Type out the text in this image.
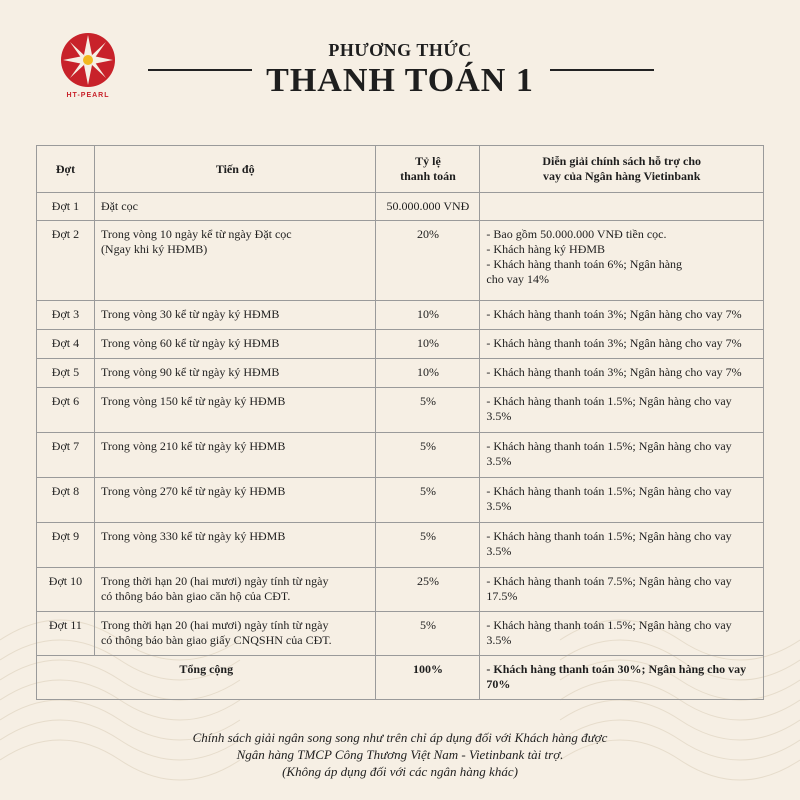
HT-PEARL
PHƯƠNG THỨC
THANH TOÁN 1
Đợt	Tiến độ	Tỷ lệ
thanh toán	Diễn giải chính sách hỗ trợ cho
vay của Ngân hàng Vietinbank
Đợt 1	Đặt cọc	50.000.000 VNĐ	
Đợt 2	Trong vòng 10 ngày kể từ ngày Đặt cọc
(Ngay khi ký HĐMB)	20%	- Bao gồm 50.000.000 VNĐ tiền cọc.
- Khách hàng ký HĐMB
- Khách hàng thanh toán 6%; Ngân hàng
cho vay 14%
Đợt 3	Trong vòng 30 kể từ ngày ký HĐMB	10%	- Khách hàng thanh toán 3%; Ngân hàng cho vay 7%
Đợt 4	Trong vòng 60 kể từ ngày ký HĐMB	10%	- Khách hàng thanh toán 3%; Ngân hàng cho vay 7%
Đợt 5	Trong vòng 90 kể từ ngày ký HĐMB	10%	- Khách hàng thanh toán 3%; Ngân hàng cho vay 7%
Đợt 6	Trong vòng 150 kể từ ngày ký HĐMB	5%	- Khách hàng thanh toán 1.5%; Ngân hàng cho vay
3.5%
Đợt 7	Trong vòng 210 kể từ ngày ký HĐMB	5%	- Khách hàng thanh toán 1.5%; Ngân hàng cho vay
3.5%
Đợt 8	Trong vòng 270 kể từ ngày ký HĐMB	5%	- Khách hàng thanh toán 1.5%; Ngân hàng cho vay
3.5%
Đợt 9	Trong vòng 330 kể từ ngày ký HĐMB	5%	- Khách hàng thanh toán 1.5%; Ngân hàng cho vay
3.5%
Đợt 10	Trong thời hạn 20 (hai mươi) ngày tính từ ngày
có thông báo bàn giao căn hộ của CĐT.	25%	- Khách hàng thanh toán 7.5%; Ngân hàng cho vay
17.5%
Đợt 11	Trong thời hạn 20 (hai mươi) ngày tính từ ngày
có thông báo bàn giao giấy CNQSHN của CĐT.	5%	- Khách hàng thanh toán 1.5%; Ngân hàng cho vay
3.5%
Tổng cộng		100%	- Khách hàng thanh toán 30%; Ngân hàng cho vay
70%
Chính sách giải ngân song song như trên chỉ áp dụng đối với Khách hàng được
Ngân hàng TMCP Công Thương Việt Nam - Vietinbank tài trợ.
(Không áp dụng đối với các ngân hàng khác)
